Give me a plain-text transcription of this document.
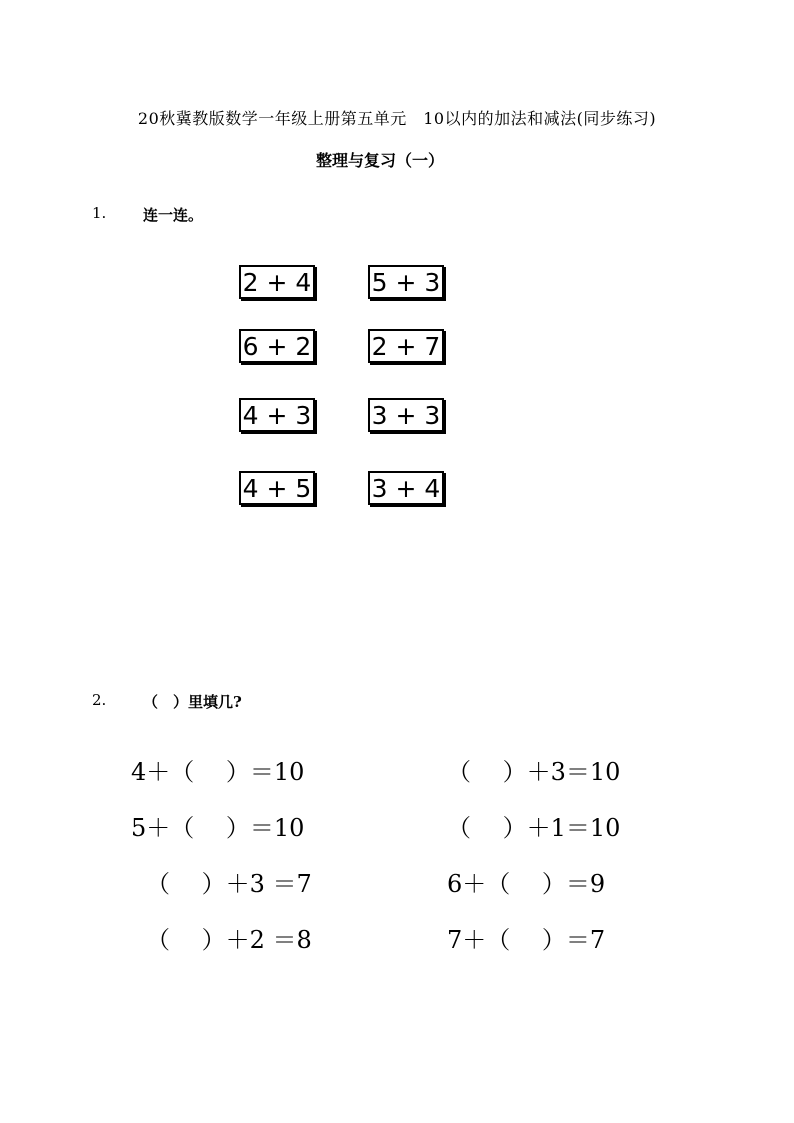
20秋冀教版数学一年级上册第五单元　10以内的加法和减法(同步练习)
整理与复习（一）
1. 连一连。
2 + 4
6 + 2
4 + 3
4 + 5
5 + 3
2 + 7
3 + 3
3 + 4
2. （　）里填几?
4＋（　 ）＝10	（　 ）＋3＝10
5＋（　 ）＝10	（　 ）＋1＝10
（　 ）＋3 ＝7	6＋（　 ）＝9
（　 ）＋2 ＝8	7＋（　 ）＝7
